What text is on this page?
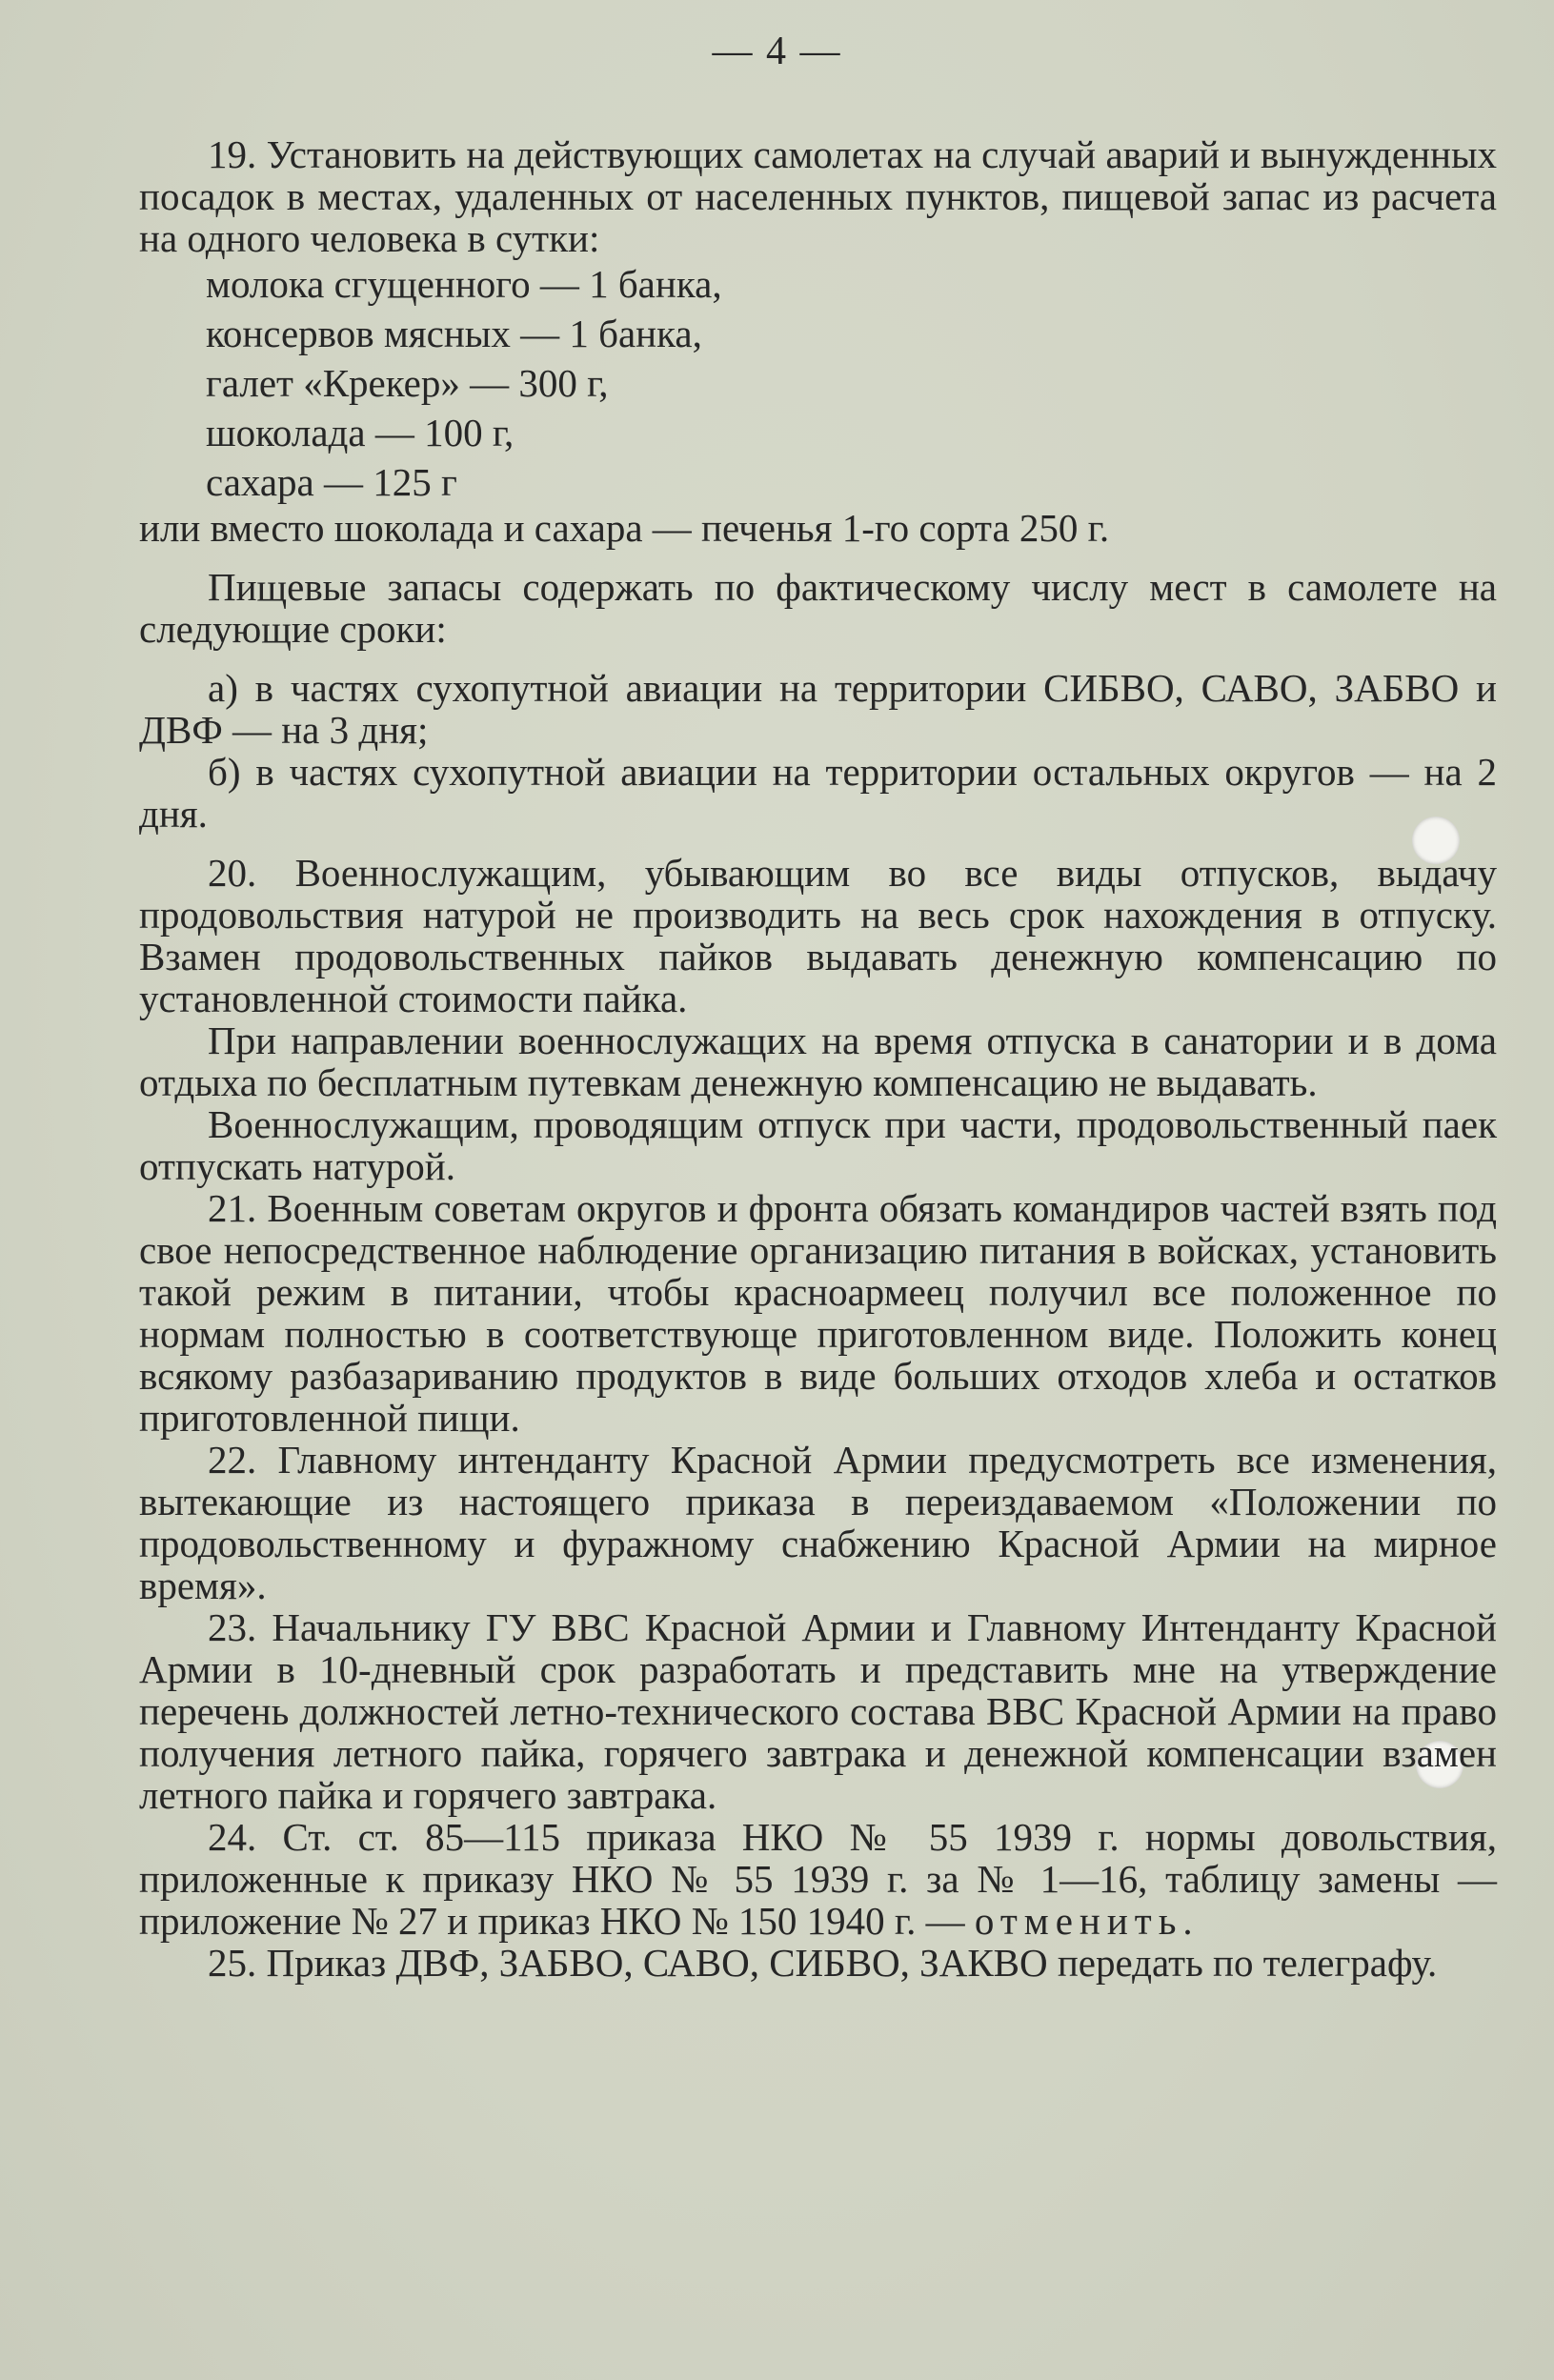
— 4 —

19. Установить на действующих самолетах на случай аварий и вынужденных посадок в местах, удаленных от населенных пунктов, пищевой запас из расчета на одного человека в сутки:

молока сгущенного — 1 банка,

консервов мясных — 1 банка,

галет «Крекер» — 300 г,

шоколада — 100 г,

сахара — 125 г

или вместо шоколада и сахара — печенья 1-го сорта 250 г.

Пищевые запасы содержать по фактическому числу мест в самолете на следующие сроки:

а) в частях сухопутной авиации на территории СИБВО, САВО, ЗАБВО и ДВФ — на 3 дня;

б) в частях сухопутной авиации на территории остальных округов — на 2 дня.

20. Военнослужащим, убывающим во все виды отпусков, выдачу продовольствия натурой не производить на весь срок нахождения в отпуску. Взамен продовольственных пайков выдавать денежную компенсацию по установленной стоимости пайка.

При направлении военнослужащих на время отпуска в санатории и в дома отдыха по бесплатным путевкам денежную компенсацию не выдавать.

Военнослужащим, проводящим отпуск при части, продовольственный паек отпускать натурой.

21. Военным советам округов и фронта обязать командиров частей взять под свое непосредственное наблюдение организацию питания в войсках, установить такой режим в питании, чтобы красноармеец получил все положенное по нормам полностью в соответствующе приготовленном виде. Положить конец всякому разбазариванию продуктов в виде больших отходов хлеба и остатков приготовленной пищи.

22. Главному интенданту Красной Армии предусмотреть все изменения, вытекающие из настоящего приказа в переиздаваемом «Положении по продовольственному и фуражному снабжению Красной Армии на мирное время».

23. Начальнику ГУ ВВС Красной Армии и Главному Интенданту Красной Армии в 10-дневный срок разработать и представить мне на утверждение перечень должностей летно-технического состава ВВС Красной Армии на право получения летного пайка, горячего завтрака и денежной компенсации взамен летного пайка и горячего завтрака.

24. Ст. ст. 85—115 приказа НКО № 55 1939 г. нормы довольствия, приложенные к приказу НКО № 55 1939 г. за № 1—16, таблицу замены — приложение № 27 и приказ НКО № 150 1940 г. — отменить.

25. Приказ ДВФ, ЗАБВО, САВО, СИБВО, ЗАКВО передать по телеграфу.
